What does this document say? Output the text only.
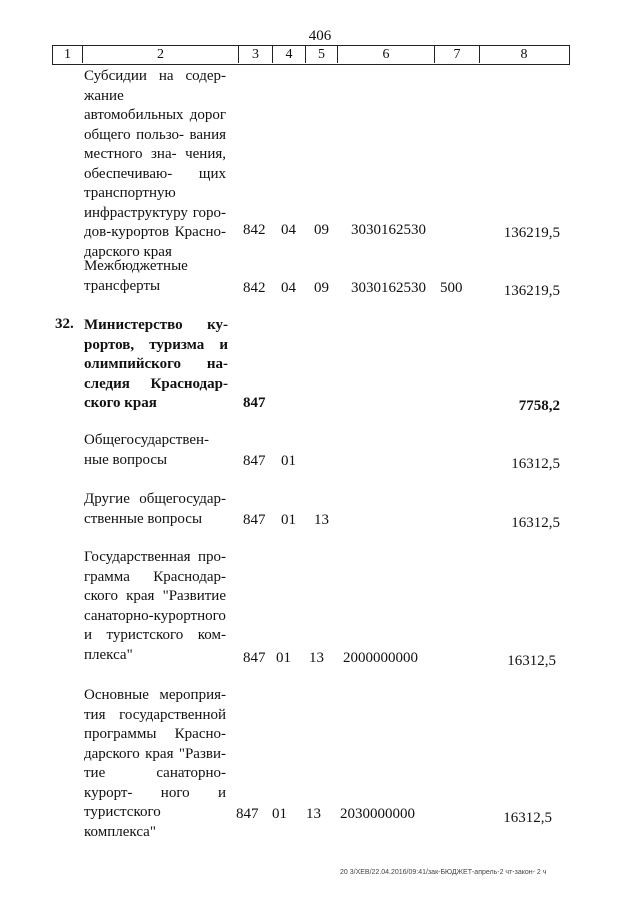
406
1	2	3	4	5	6	7	8
Субсидии на содер- жание автомобильных дорог общего пользо- вания местного зна- чения, обеспечиваю- щих транспортную инфраструктуру горо- дов-курортов Красно- дарского края
842 04 09 3030162530	136219,5
Межбюджетные трансферты	842 04 09 3030162530 500	136219,5
32. Министерство ку- рортов, туризма и олимпийского на- следия Краснодар- ского края	847	7758,2
Общегосударствен- ные вопросы	847 01	16312,5
Другие общегосудар- ственные вопросы	847 01 13	16312,5
Государственная про- грамма Краснодар- ского края "Развитие санаторно-курортного и туристского ком- плекса"	847 01 13 2000000000	16312,5
Основные мероприя- тия государственной программы Красно- дарского края "Разви- тие санаторно-курорт- ного и туристского комплекса"
847 01 13 2030000000	16312,5
20 3/ХЕВ/22.04.2016/09:41/зак-БЮДЖЕТ-апрель-2 чт-закон- 2 ч
